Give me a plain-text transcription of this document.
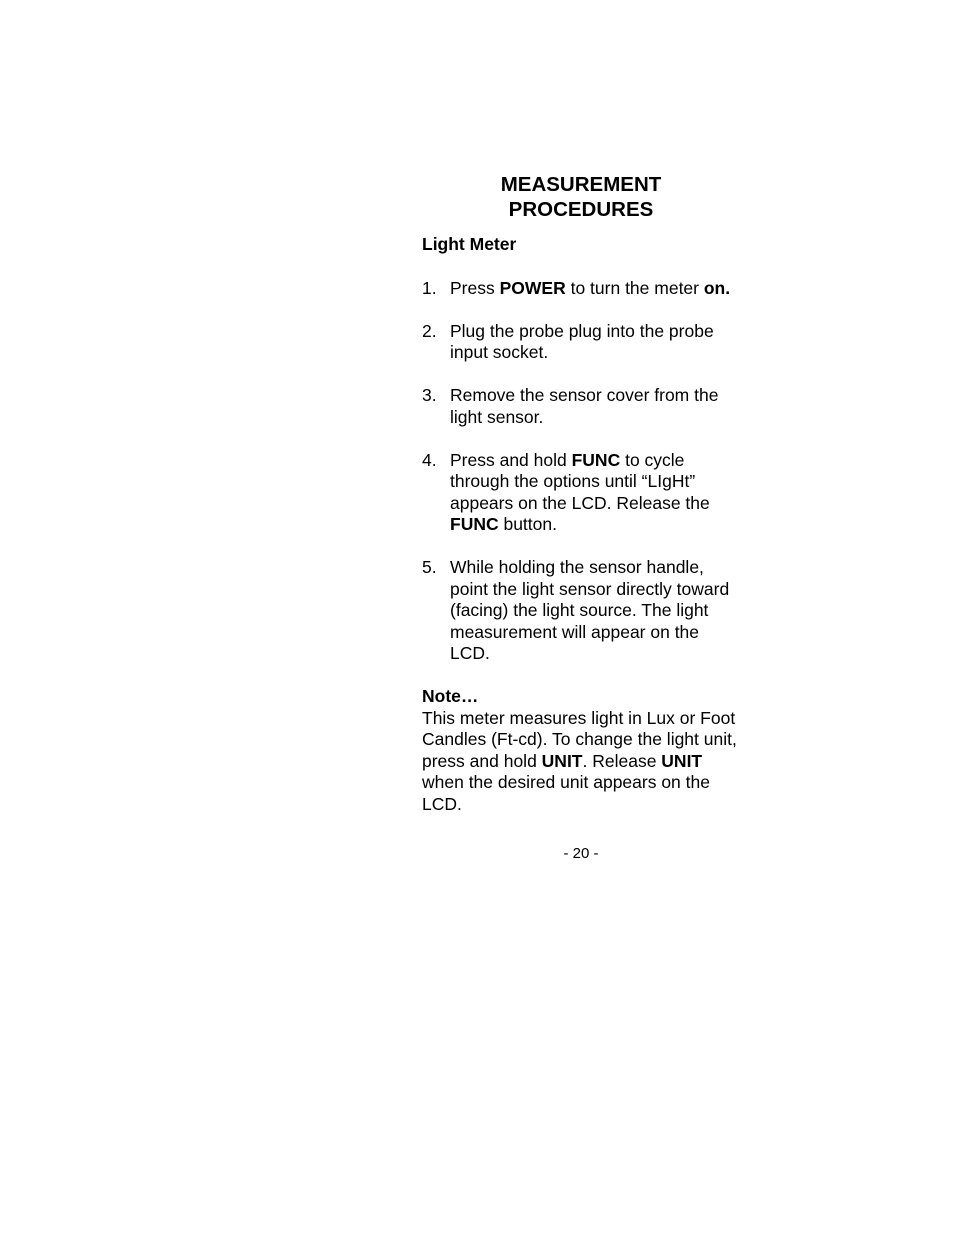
MEASUREMENT
PROCEDURES

Light Meter

1. Press POWER to turn the meter on.
2. Plug the probe plug into the probe input socket.
3. Remove the sensor cover from the light sensor.
4. Press and hold FUNC to cycle through the options until “LIgHt” appears on the LCD. Release the FUNC button.
5. While holding the sensor handle, point the light sensor directly toward (facing) the light source. The light measurement will appear on the LCD.

Note…

This meter measures light in Lux or Foot Candles (Ft-cd). To change the light unit, press and hold UNIT. Release UNIT when the desired unit appears on the LCD.

- 20 -
